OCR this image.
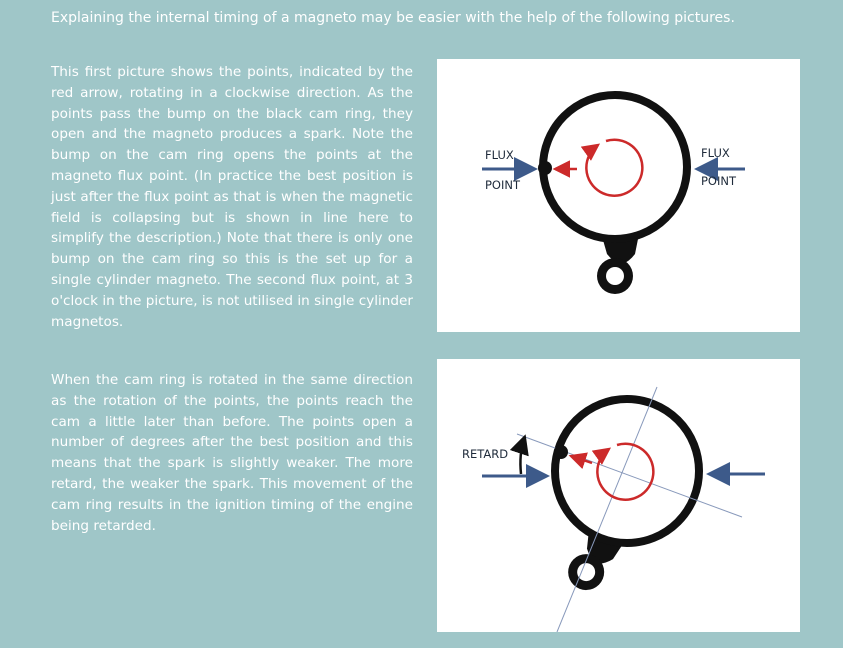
Explaining the internal timing of a magneto may be easier with the help of the following pictures.
This first picture shows the points, indicated by the red arrow, rotating in a clockwise direction. As the points pass the bump on the black cam ring, they open and the magneto produces a spark. Note the bump on the cam ring opens the points at the magneto flux point. (In practice the best position is just after the flux point as that is when the magnetic field is collapsing but is shown in line here to simplify the description.) Note that there is only one bump on the cam ring so this is the set up for a single cylinder magneto. The second flux point, at 3 o'clock in the picture, is not utilised in single cylinder magnetos.
When the cam ring is rotated in the same direction as the rotation of the points, the points reach the cam a little later than before. The points open a number of degrees after the best position and this means that the spark is slightly weaker. The more retard, the weaker the spark. This movement of the cam ring results in the ignition timing of the engine being retarded.
FLUX
POINT
FLUX
POINT
RETARD
